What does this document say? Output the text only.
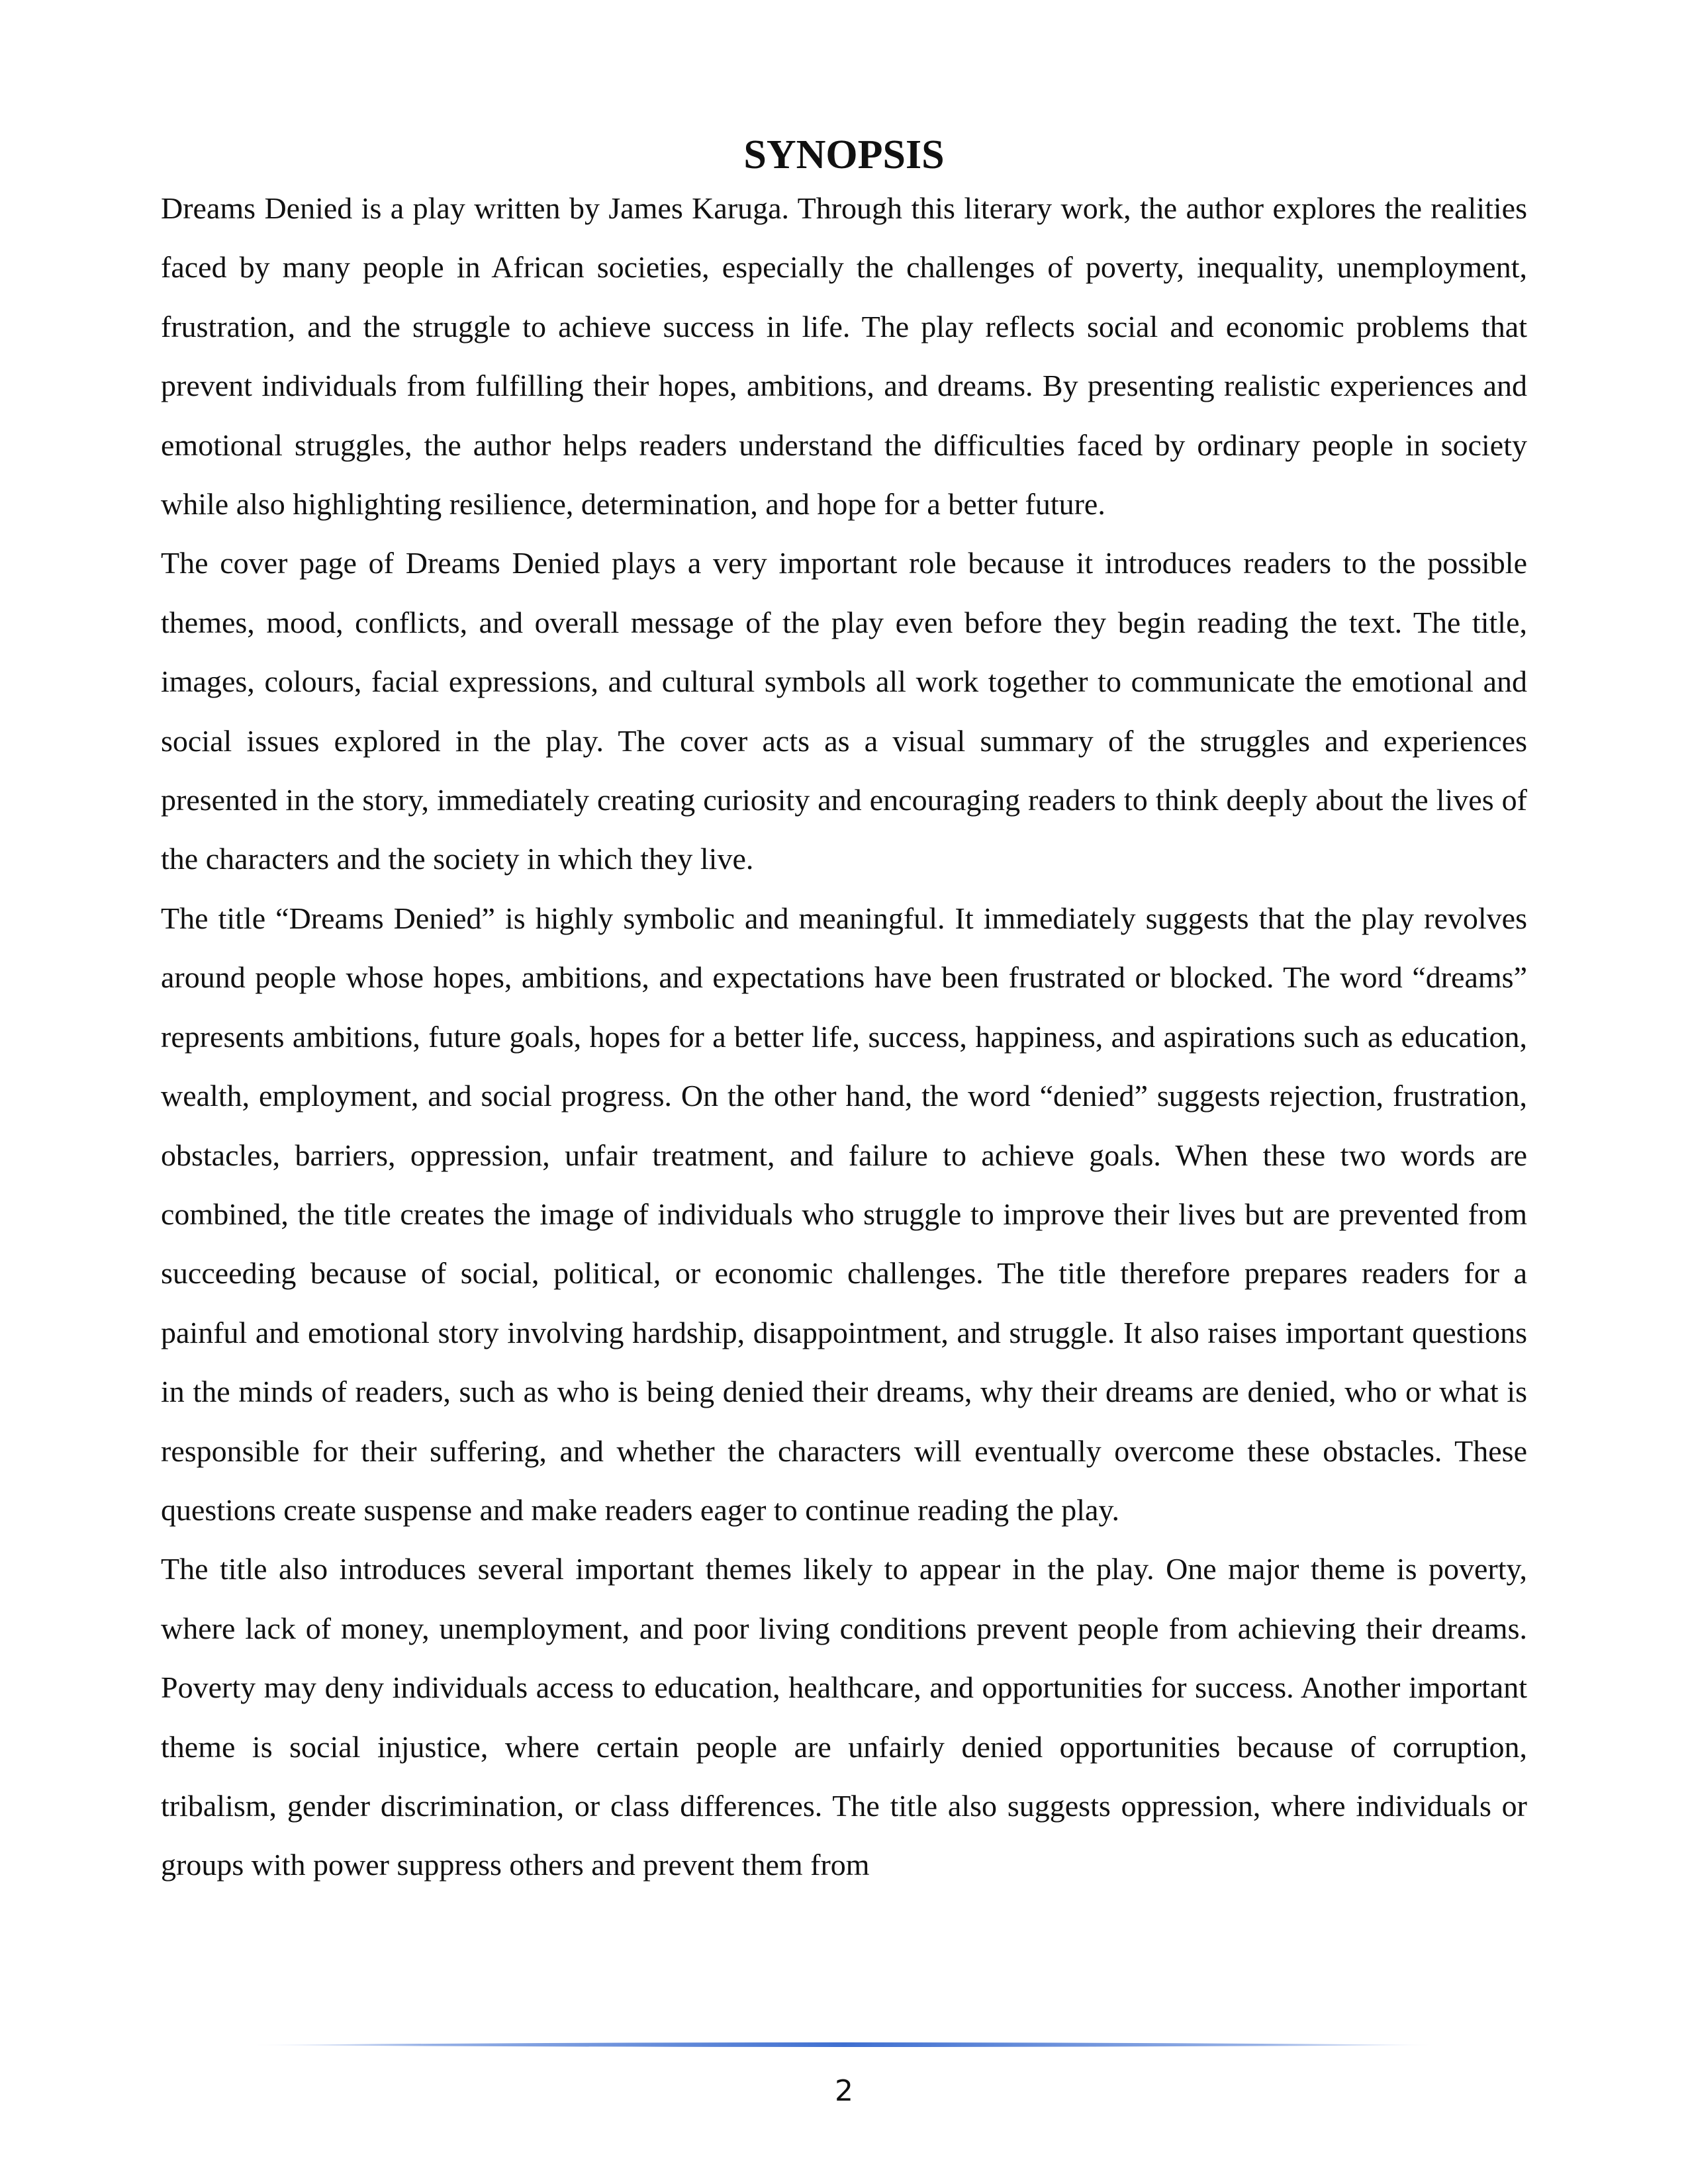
SYNOPSIS

Dreams Denied is a play written by James Karuga. Through this literary work, the author explores the realities faced by many people in African societies, especially the challenges of poverty, inequality, unemployment, frustration, and the struggle to achieve success in life. The play reflects social and economic problems that prevent individuals from fulfilling their hopes, ambitions, and dreams. By presenting realistic experiences and emotional struggles, the author helps readers understand the difficulties faced by ordinary people in society while also highlighting resilience, determination, and hope for a better future.

The cover page of Dreams Denied plays a very important role because it introduces readers to the possible themes, mood, conflicts, and overall message of the play even before they begin reading the text. The title, images, colours, facial expressions, and cultural symbols all work together to communicate the emotional and social issues explored in the play. The cover acts as a visual summary of the struggles and experiences presented in the story, immediately creating curiosity and encouraging readers to think deeply about the lives of the characters and the society in which they live.

The title “Dreams Denied” is highly symbolic and meaningful. It immediately suggests that the play revolves around people whose hopes, ambitions, and expectations have been frustrated or blocked. The word “dreams” represents ambitions, future goals, hopes for a better life, success, happiness, and aspirations such as education, wealth, employment, and social progress. On the other hand, the word “denied” suggests rejection, frustration, obstacles, barriers, oppression, unfair treatment, and failure to achieve goals. When these two words are combined, the title creates the image of individuals who struggle to improve their lives but are prevented from succeeding because of social, political, or economic challenges. The title therefore prepares readers for a painful and emotional story involving hardship, disappointment, and struggle. It also raises important questions in the minds of readers, such as who is being denied their dreams, why their dreams are denied, who or what is responsible for their suffering, and whether the characters will eventually overcome these obstacles. These questions create suspense and make readers eager to continue reading the play.

The title also introduces several important themes likely to appear in the play. One major theme is poverty, where lack of money, unemployment, and poor living conditions prevent people from achieving their dreams. Poverty may deny individuals access to education, healthcare, and opportunities for success. Another important theme is social injustice, where certain people are unfairly denied opportunities because of corruption, tribalism, gender discrimination, or class differences. The title also suggests oppression, where individuals or groups with power suppress others and prevent them from

2
